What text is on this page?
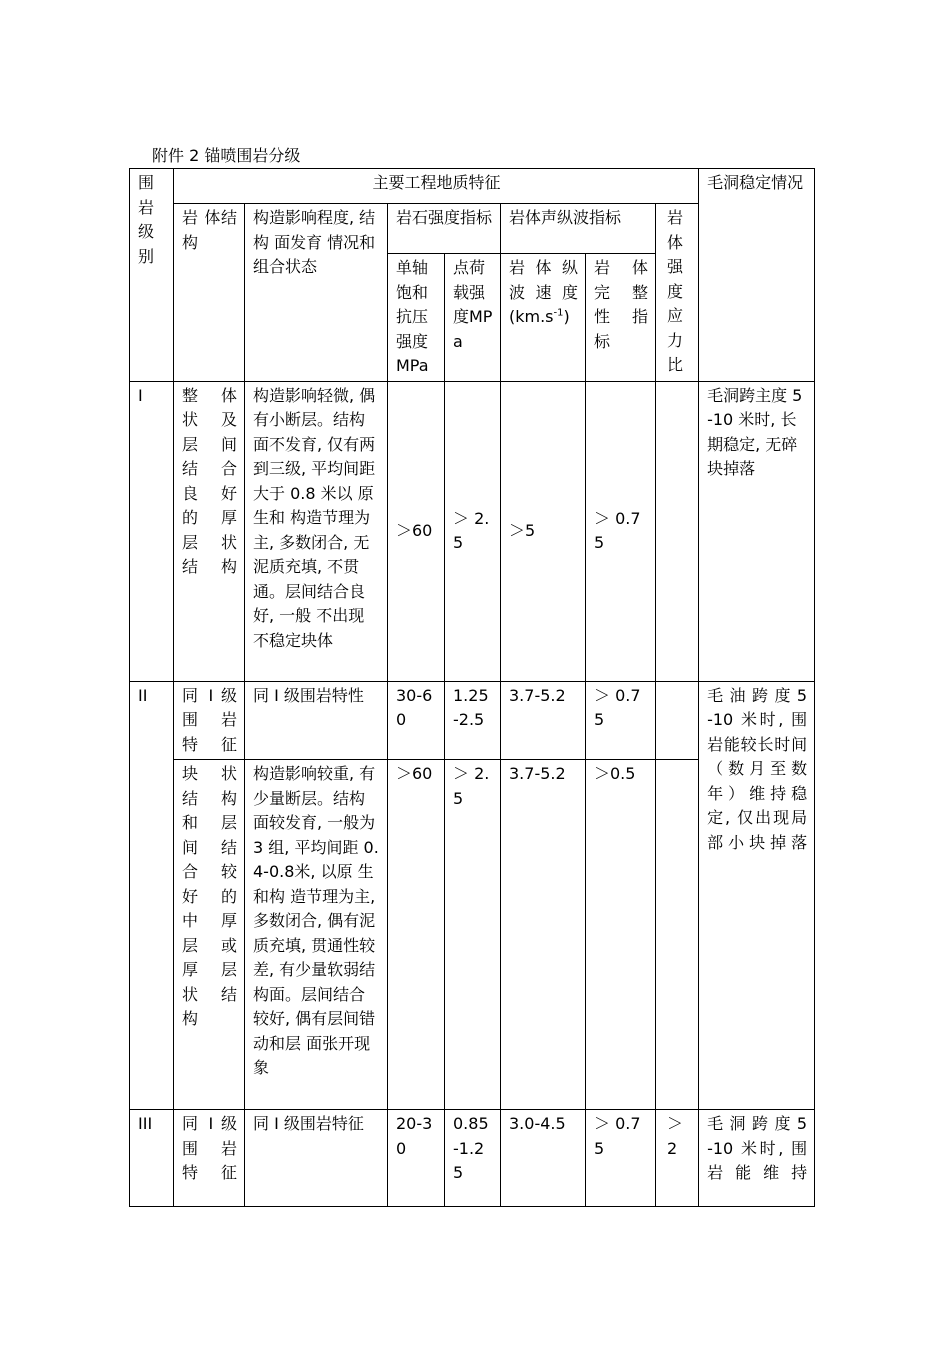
附件 2 锚喷围岩分级
围岩级别	主要工程地质特征							毛洞稳定情况
	岩 体结构	构造影响程度, 结构 面发育 情况和组合状态	岩石强度指标		岩体声纵波指标		岩体强度应力比	
			单轴饱和抗压强度MPa	点荷载强度MPa	岩 体 纵 波 速 度 $(km.s^{-1})$	岩 体 完 整 性 指 标		
I	整 体 状 及 层 间 结 合 良 好 的 厚 层 状 结构	构造影响轻微, 偶有小断层。结构面不发育, 仅有两到三级, 平均间距大于 0.8 米以 原生和 构造节理为主, 多数闭合, 无泥质充填, 不贯通。层间结合良好, 一般 不出现 不稳定块体	＞60	＞ 2.5	＞5	＞ 0.75		毛洞跨主度 5-10 米时, 长期稳定, 无碎块掉落
II	同 I 级 围 岩 特征	同 I 级围岩特性	30-60	1.25-2.5	3.7-5.2	＞ 0.75		毛 油 跨 度 5-10 米时, 围岩能较长时间（数月至数年）维持稳定, 仅出现局部小块掉落
	块 状 结 构 和 层 间 结 合 较 好 的 中 厚 层 或 厚 层 状 结 构	构造影响较重, 有少量断层。结构面较发育, 一般为 3 组, 平均间距 0.4-0.8米, 以原 生和构 造节理为主, 多数闭合, 偶有泥质充填, 贯通性较差, 有少量软弱结构面。层间结合较好, 偶有层间错 动和层 面张开现象	＞60	＞ 2.5	3.7-5.2	＞0.5		
III	同 I 级 围 岩 特征	同 I 级围岩特征	20-30	0.85-1.25	3.0-4.5	＞ 0.75	＞ 2	毛 洞 跨 度 5-10 米时, 围岩能维持
